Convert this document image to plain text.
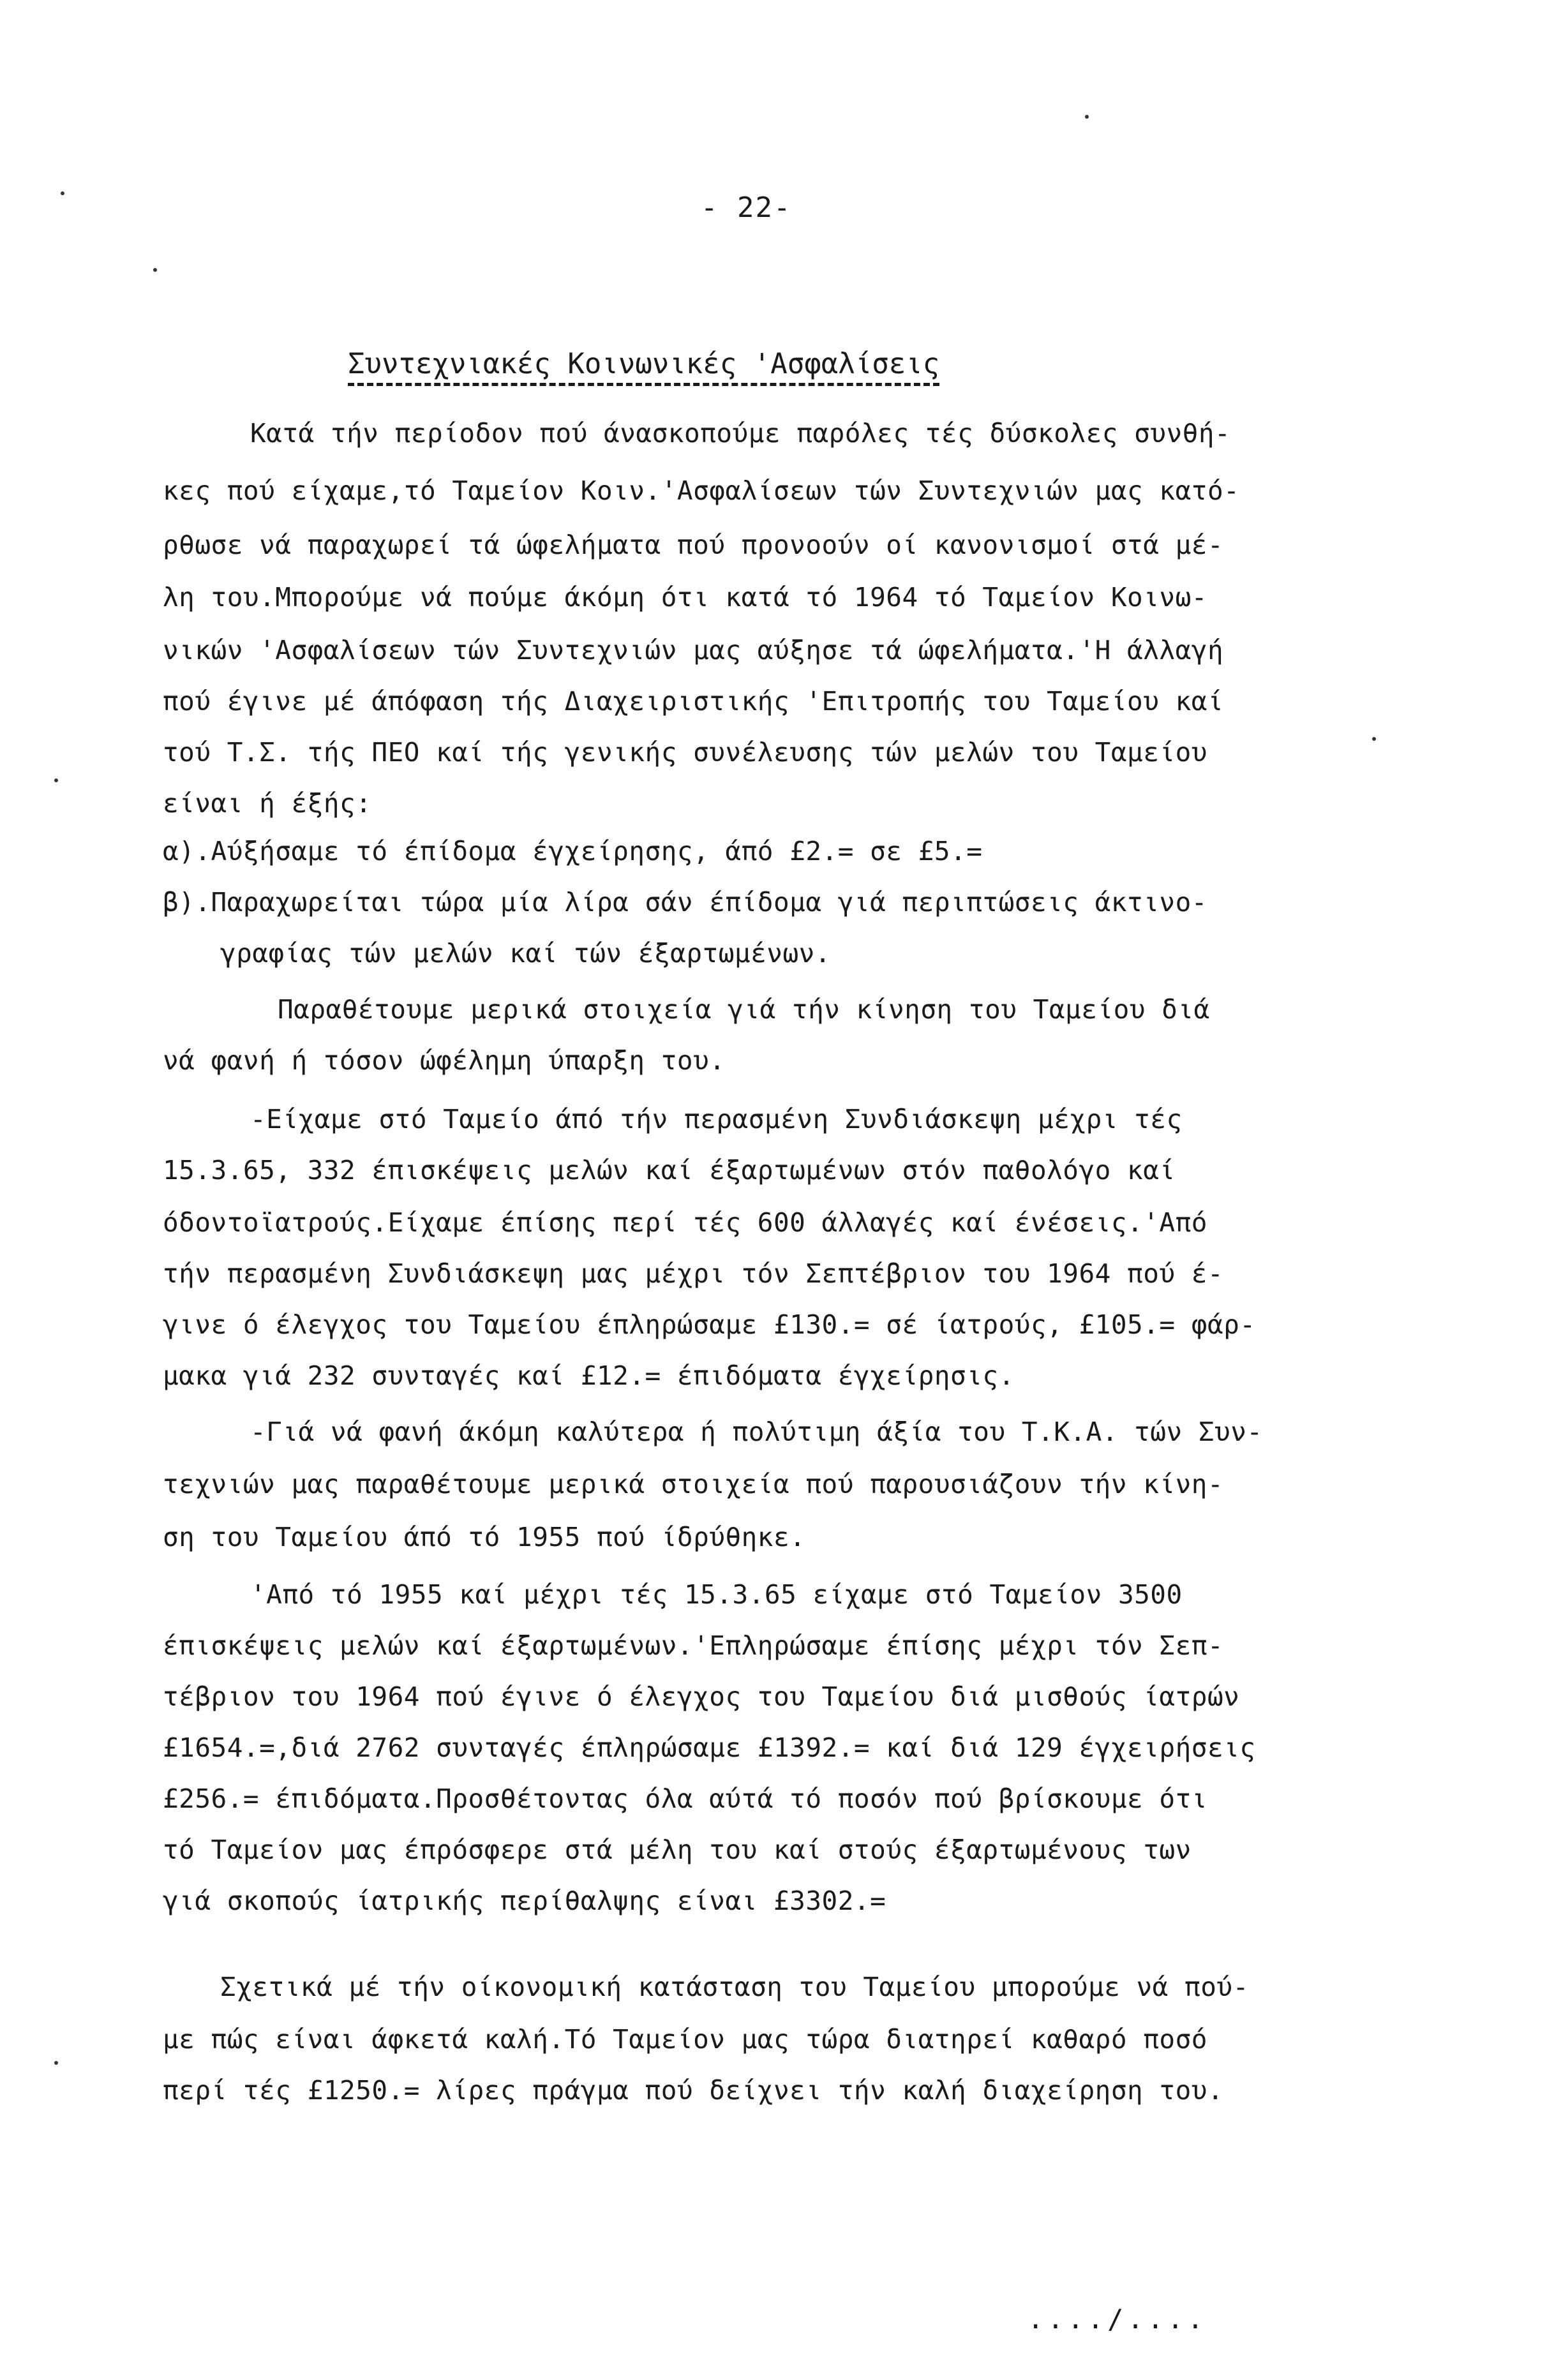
- 22-
Συντεχνιακές Κοινωνικές 'Ασφαλίσεις
Κατά τήν περίοδον πού άνασκοπούμε παρόλες τές δύσκολες συνθή-
κες πού είχαμε,τό Ταμείον Κοιν.'Ασφαλίσεων τών Συντεχνιών μας κατό-
ρθωσε νά παραχωρεί τά ώφελήματα πού προνοούν οί κανονισμοί στά μέ-
λη του.Μπορούμε νά πούμε άκόμη ότι κατά τό 1964 τό Ταμείον Κοινω-
νικών 'Ασφαλίσεων τών Συντεχνιών μας αύξησε τά ώφελήματα.'Η άλλαγή
πού έγινε μέ άπόφαση τής Διαχειριστικής 'Επιτροπής του Ταμείου καί
τού Τ.Σ. τής ΠΕΟ καί τής γενικής συνέλευσης τών μελών του Ταμείου
είναι ή έξής:
α).Αύξήσαμε τό έπίδομα έγχείρησης, άπό £2.= σε £5.=
β).Παραχωρείται τώρα μία λίρα σάν έπίδομα γιά περιπτώσεις άκτινο-
γραφίας τών μελών καί τών έξαρτωμένων.
Παραθέτουμε μερικά στοιχεία γιά τήν κίνηση του Ταμείου διά
νά φανή ή τόσον ώφέλημη ύπαρξη του.
-Είχαμε στό Ταμείο άπό τήν περασμένη Συνδιάσκεψη μέχρι τές
15.3.65, 332 έπισκέψεις μελών καί έξαρτωμένων στόν παθολόγο καί
όδοντοϊατρούς.Είχαμε έπίσης περί τές 600 άλλαγές καί ένέσεις.'Από
τήν περασμένη Συνδιάσκεψη μας μέχρι τόν Σεπτέβριον του 1964 πού έ-
γινε ό έλεγχος του Ταμείου έπληρώσαμε £130.= σέ ίατρούς, £105.= φάρ-
μακα γιά 232 συνταγές καί £12.= έπιδόματα έγχείρησις.
-Γιά νά φανή άκόμη καλύτερα ή πολύτιμη άξία του Τ.Κ.Α. τών Συν-
τεχνιών μας παραθέτουμε μερικά στοιχεία πού παρουσιάζουν τήν κίνη-
ση του Ταμείου άπό τό 1955 πού ίδρύθηκε.
'Από τό 1955 καί μέχρι τές 15.3.65 είχαμε στό Ταμείον 3500
έπισκέψεις μελών καί έξαρτωμένων.'Επληρώσαμε έπίσης μέχρι τόν Σεπ-
τέβριον του 1964 πού έγινε ό έλεγχος του Ταμείου διά μισθούς ίατρών
£1654.=,διά 2762 συνταγές έπληρώσαμε £1392.= καί διά 129 έγχειρήσεις
£256.= έπιδόματα.Προσθέτοντας όλα αύτά τό ποσόν πού βρίσκουμε ότι
τό Ταμείον μας έπρόσφερε στά μέλη του καί στούς έξαρτωμένους των
γιά σκοπούς ίατρικής περίθαλψης είναι £3302.=
Σχετικά μέ τήν οίκονομική κατάσταση του Ταμείου μπορούμε νά πού-
με πώς είναι άφκετά καλή.Τό Ταμείον μας τώρα διατηρεί καθαρό ποσό
περί τές £1250.= λίρες πράγμα πού δείχνει τήν καλή διαχείρηση του.
..../....
